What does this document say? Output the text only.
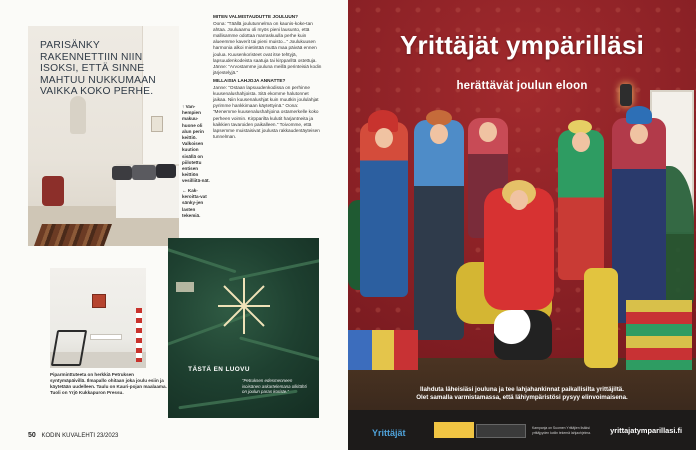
PARISÄNKY RAKENNETTIIN NIIN ISOKSI, ETTÄ SINNE MAHTUU NUKKUMAAN VAIKKA KOKO PERHE.
↑ Van-hempien makuu-huone oli alun perin keittiö. Valkoisen kuution sisällä on piilotettu entisen keittiön vesilliitä-nät.
← Kak-keroitta-vat sänky-jen lasten tekemiä.
MITEN VALMISTAUDUTTE JOULUUN?

Oona: ”Täällä joulutunnelma on kaunis-koke-tan ahtaa. Jouluaamu oli myös pieni lausunto, että mallisamme odottaa marraskuulla perhe kuin alueemme kaverit tai pieni muisto...” Joulukuusen harmonia alkoi mietintää mutta maa päivää ennen joulua. Kuusenkoristeet ovat itse tehtyjä, lapsuudenkodeista saatuja tai kirppariltä ostettuja. Jänne: ”Arvostamme jouluna meillä perinteisiä kodin järjestelyjä.”

MILLAISIA LAHJOJA ANNATTE?

Janne: ”Ostaan lapsuudenkodissa on perhinne kuusenalushahjoista. Sitä ekomme halutonnet jaikaa. Niin kuusenalushjat kuin muutkin joululahjat pyrimme hankkimaan käytettyinä.” Oona: ”Menemme kuusenalushahjoina ostamerkelle koko perheen voimin. Kirpparilta kulutit harjantneita ja kaikkien tavaroiden paikalleen.” Toivomme, että lapsemme muistaisivat joulusta rakkaudentäyteisen tunnelman.

TÄSTÄ EN LUOVU
”Petruksen edesmenneen isoisänen askartelemana olkitähti on joulun paras koriste.”
Piparminttuteeta on herkkiä Petruksen syntymäpäivillä. Ilmapallo ohitaan joka joulu esiin ja käytetään uudelleen. Taulu on Kauri-pojan maalaama. Tuoli on Yrjö Kukkapuron Pressu.
50 KODIN KUVALEHTI 23/2023
Yrittäjät ympärilläsi
herättävät joulun eloon
Ilahduta läheisiäsi jouluna ja tee lahjahankinnat paikallisilta yrittäjiltä.
Olet samalla varmistamassa, että lähiympäristösi pysyy elinvoimaisena.
Yrittäjät	Kampanja on Suomen Yrittäjien lisäksi yrittäjyyden kotiin tekemä lahjaohjelma.	yrittajatymparillasi.fi
